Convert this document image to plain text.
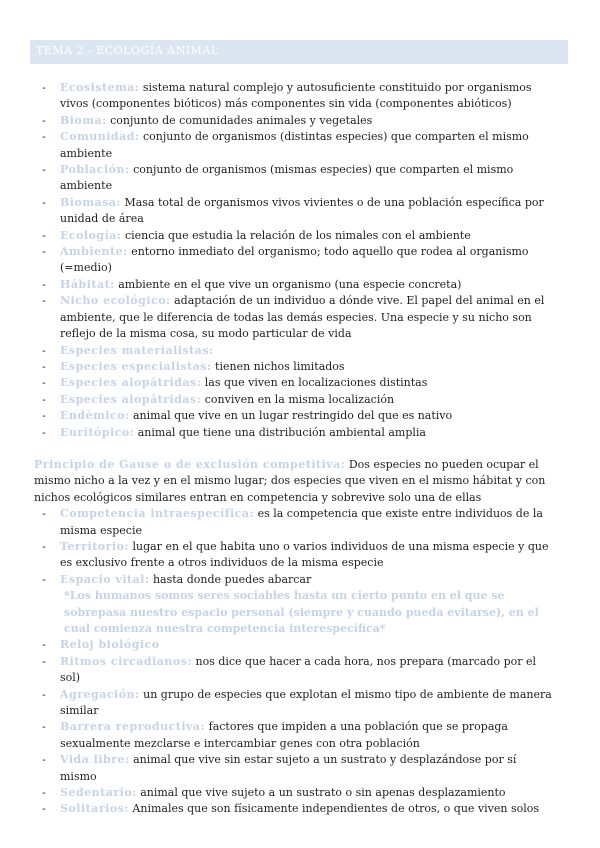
TEMA 2 - ECOLOGÍA ANIMAL
- Ecosistema: sistema natural complejo y autosuficiente constituido por organismos vivos (componentes bióticos) más componentes sin vida (componentes abióticos)
- Bioma: conjunto de comunidades animales y vegetales
- Comunidad: conjunto de organismos (distintas especies) que comparten el mismo ambiente
- Población: conjunto de organismos (mismas especies) que comparten el mismo ambiente
- Biomasa: Masa total de organismos vivos vivientes o de una población específica por unidad de área
- Ecología: ciencia que estudia la relación de los nimales con el ambiente
- Ambiente: entorno inmediato del organismo; todo aquello que rodea al organismo (=medio)
- Hábitat: ambiente en el que vive un organismo (una especie concreta)
- Nicho ecológico: adaptación de un individuo a dónde vive. El papel del animal en el ambiente, que le diferencia de todas las demás especies. Una especie y su nicho son reflejo de la misma cosa, su modo particular de vida
- Especies materialistas:
- Especies especialistas: tienen nichos limitados
- Especies alopátridas: las que viven en localizaciones distintas
- Especies alopátridas: conviven en la misma localización
- Endémico: animal que vive en un lugar restringido del que es nativo
- Euritópico: animal que tiene una distribución ambiental amplia
Principio de Gause o de exclusión competitiva: Dos especies no pueden ocupar el mismo nicho a la vez y en el mismo lugar; dos especies que viven en el mismo hábitat y con nichos ecológicos similares entran en competencia y sobrevive solo una de ellas
- Competencia intraespecífica: es la competencia que existe entre individuos de la misma especie
- Territorio: lugar en el que habita uno o varios individuos de una misma especie y que es exclusivo frente a otros individuos de la misma especie
- Espacio vital: hasta donde puedes abarcar
*Los humanos somos seres sociables hasta un cierto punto en el que se sobrepasa nuestro espacio personal (siempre y cuando pueda evitarse), en el cual comienza nuestra competencia interespecífica*
- Reloj biológico
- Ritmos circadianos: nos dice que hacer a cada hora, nos prepara (marcado por el sol)
- Agregación: un grupo de especies que explotan el mismo tipo de ambiente de manera similar
- Barrera reproductiva: factores que impiden a una población que se propaga sexualmente mezclarse e intercambiar genes con otra población
- Vida libre: animal que vive sin estar sujeto a un sustrato y desplazándose por sí mismo
- Sedentario: animal que vive sujeto a un sustrato o sin apenas desplazamiento
- Solitarios: Animales que son físicamente independientes de otros, o que viven solos
